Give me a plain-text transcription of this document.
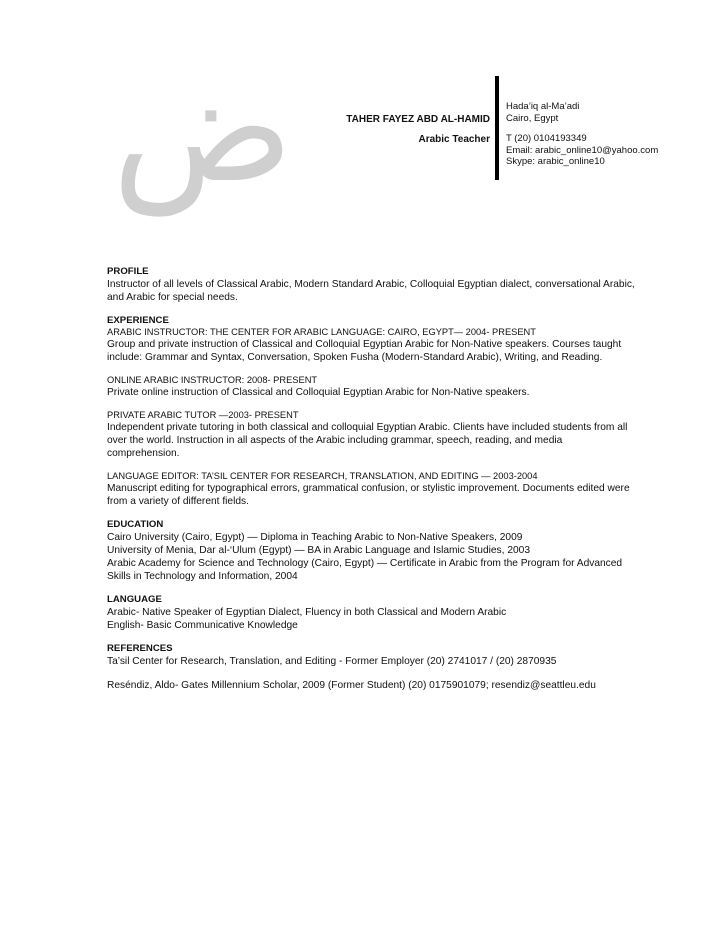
ض	TAHER FAYEZ ABD AL-HAMID
Arabic Teacher
Hada’iq al-Ma’adi
Cairo, Egypt
T (20) 0104193349
Email: arabic_online10@yahoo.com
Skype: arabic_online10
PROFILE
Instructor of all levels of Classical Arabic, Modern Standard Arabic, Colloquial Egyptian dialect, conversational Arabic, and Arabic for special needs.
EXPERIENCE
ARABIC INSTRUCTOR: THE CENTER FOR ARABIC LANGUAGE: CAIRO, EGYPT— 2004- PRESENT
Group and private instruction of Classical and Colloquial Egyptian Arabic for Non-Native speakers. Courses taught include: Grammar and Syntax, Conversation, Spoken Fusha (Modern-Standard Arabic), Writing, and Reading.
ONLINE ARABIC INSTRUCTOR: 2008- PRESENT
Private online instruction of Classical and Colloquial Egyptian Arabic for Non-Native speakers.
PRIVATE ARABIC TUTOR —2003- PRESENT
Independent private tutoring in both classical and colloquial Egyptian Arabic. Clients have included students from all over the world. Instruction in all aspects of the Arabic including grammar, speech, reading, and media comprehension.
LANGUAGE EDITOR: TA’SIL CENTER FOR RESEARCH, TRANSLATION, AND EDITING — 2003-2004
Manuscript editing for typographical errors, grammatical confusion, or stylistic improvement. Documents edited were from a variety of different fields.
EDUCATION
Cairo University (Cairo, Egypt) — Diploma in Teaching Arabic to Non-Native Speakers, 2009
University of Menia, Dar al-‘Ulum (Egypt) — BA in Arabic Language and Islamic Studies, 2003
Arabic Academy for Science and Technology (Cairo, Egypt) — Certificate in Arabic from the Program for Advanced Skills in Technology and Information, 2004
LANGUAGE
Arabic- Native Speaker of Egyptian Dialect, Fluency in both Classical and Modern Arabic
English- Basic Communicative Knowledge
REFERENCES
Ta’sil Center for Research, Translation, and Editing - Former Employer (20) 2741017 / (20) 2870935
Reséndiz, Aldo- Gates Millennium Scholar, 2009 (Former Student) (20) 0175901079; resendiz@seattleu.edu
